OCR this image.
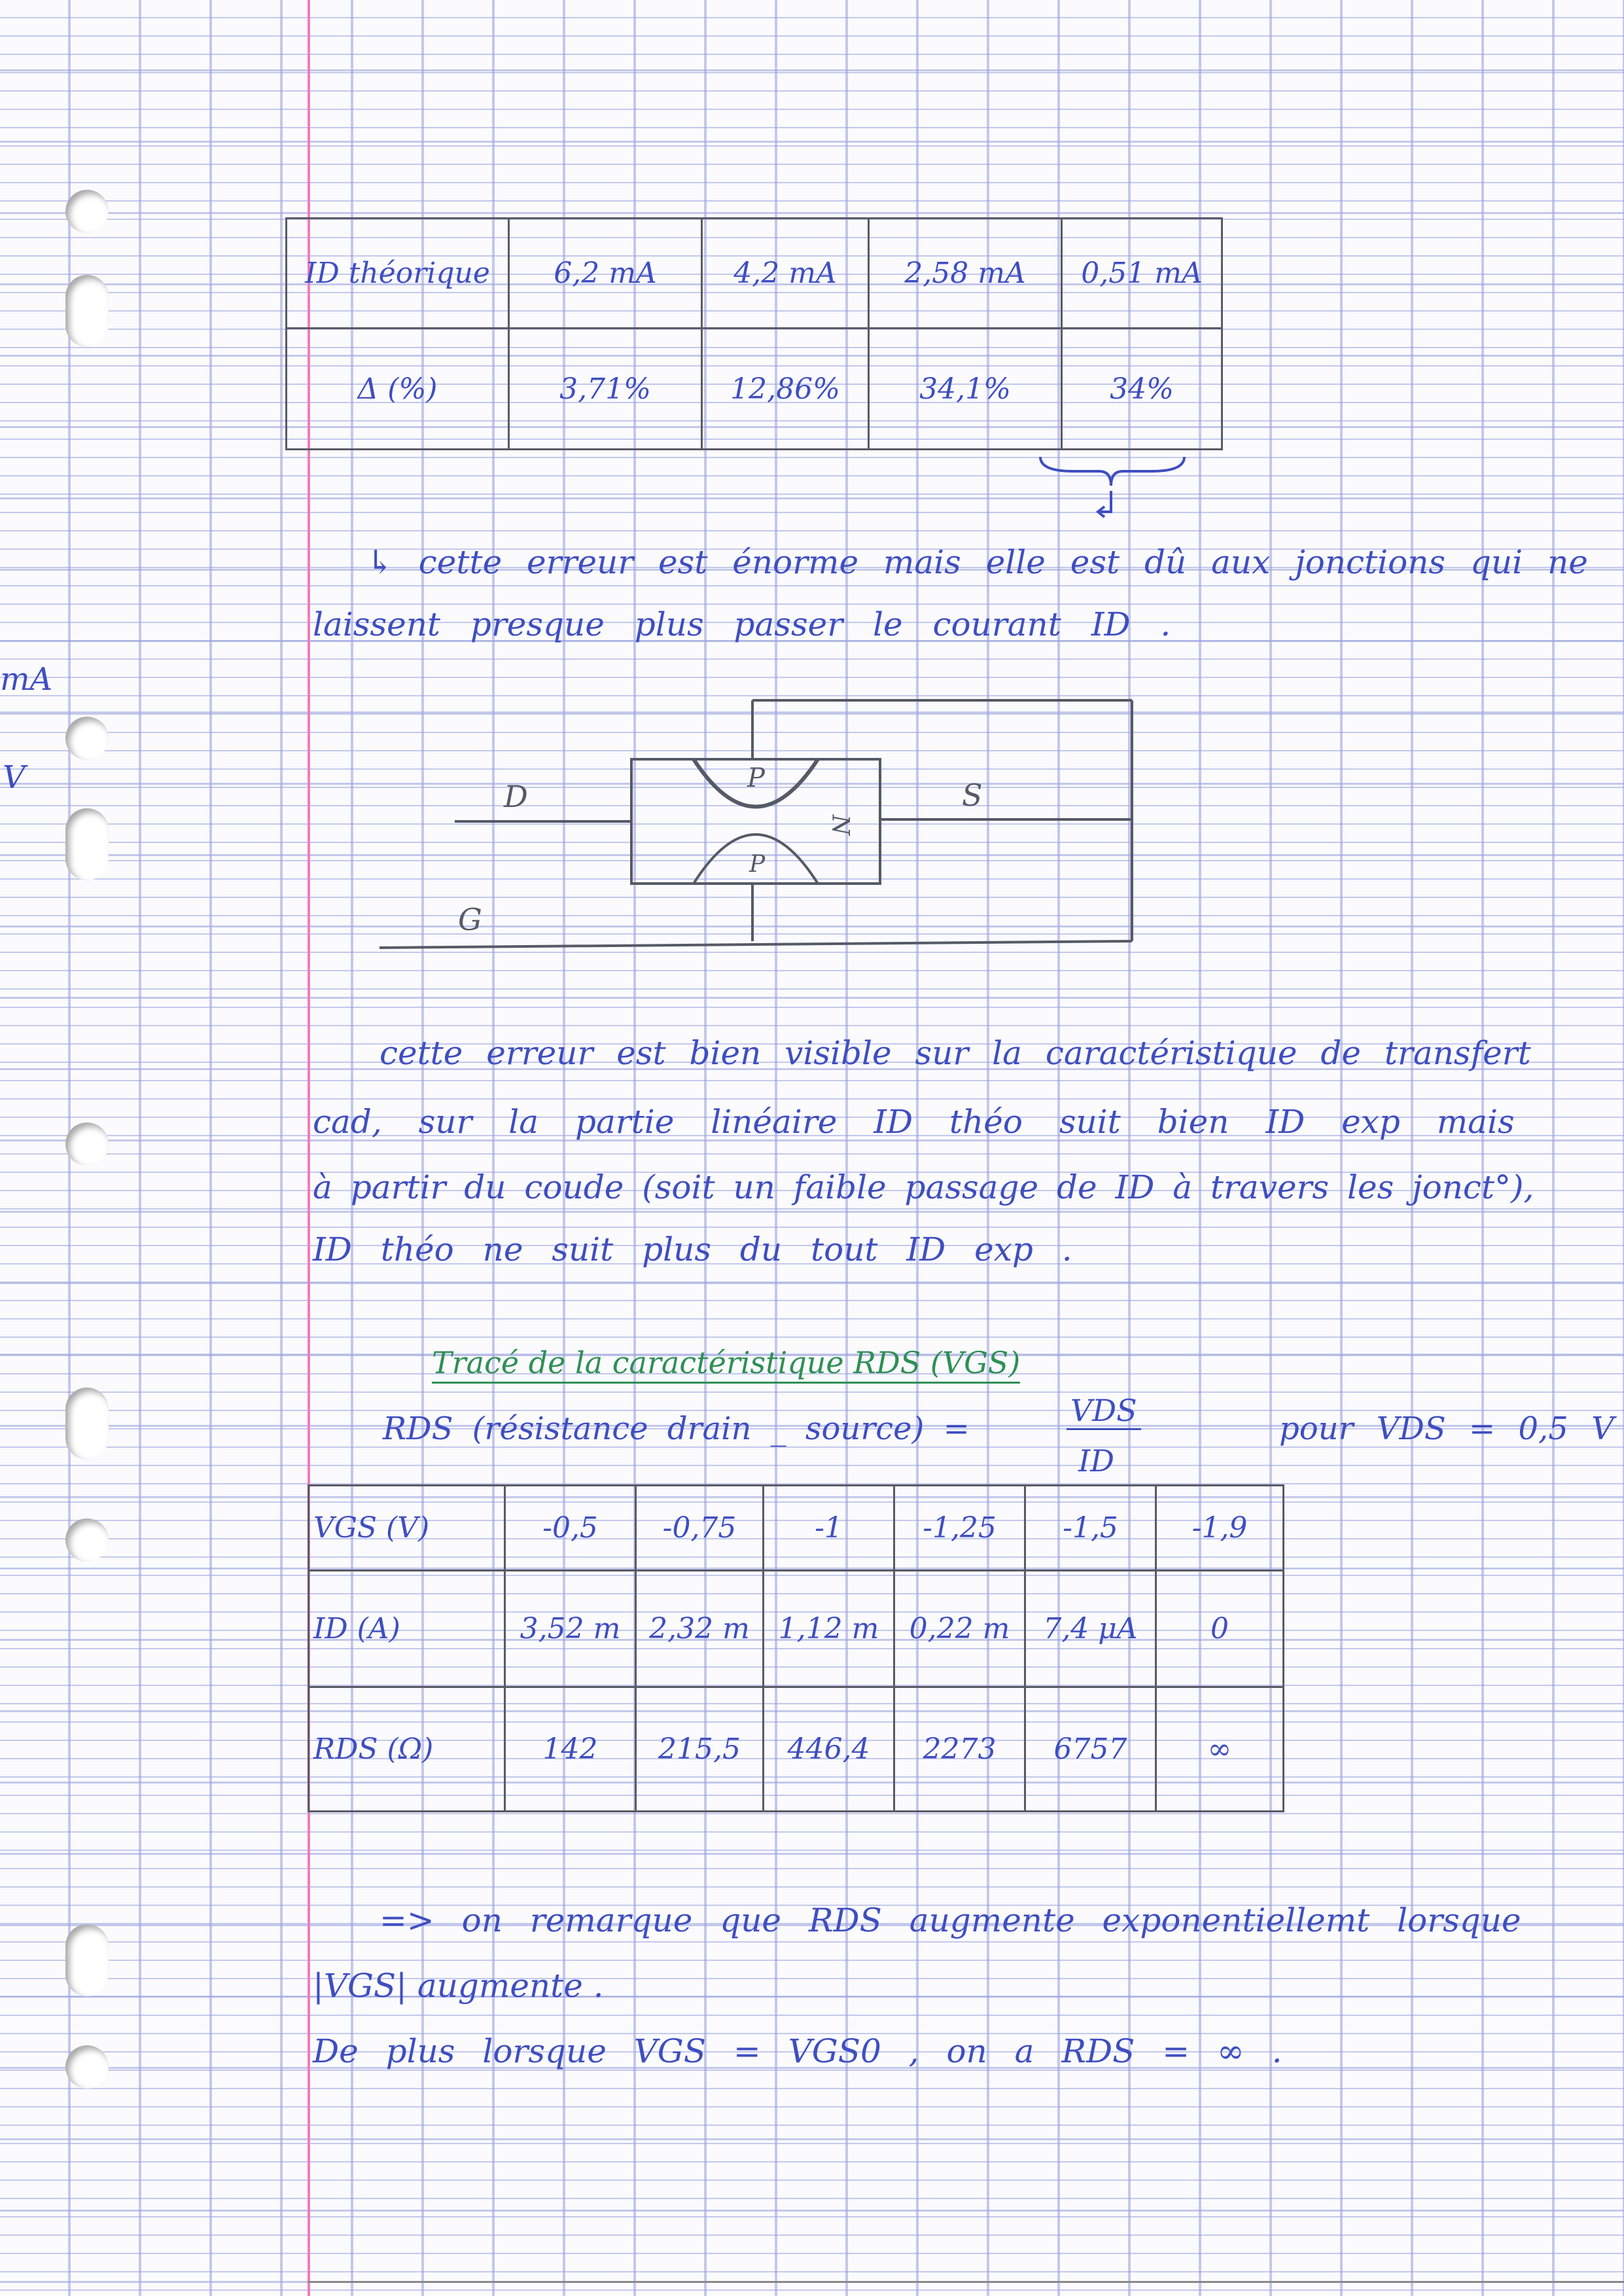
mA
V
ID théorique	6,2 mA	4,2 mA	2,58 mA	0,51 mA
Δ (%)	3,71%	12,86%	34,1%	34%
↳ cette erreur est énorme mais elle est dû aux jonctions qui ne
laissent presque plus passer le courant ID .
D	S
G
P
P
N
cette erreur est bien visible sur la caractéristique de transfert
cad, sur la partie linéaire ID théo suit bien ID exp mais
à partir du coude (soit un faible passage de ID à travers les jonct°),
ID théo ne suit plus du tout ID exp .
Tracé de la caractéristique RDS (VGS)
RDS (résistance drain _ source) =	VDS
ID
pour VDS = 0,5 V
VGS (V)	-0,5	-0,75	-1	-1,25	-1,5	-1,9
ID (A)	3,52 m	2,32 m	1,12 m	0,22 m	7,4 μA	0
RDS (Ω)	142	215,5	446,4	2273	6757	∞
=> on remarque que RDS augmente exponentiellemt lorsque
|VGS| augmente .
De plus lorsque VGS = VGS0 , on a RDS = ∞ .
